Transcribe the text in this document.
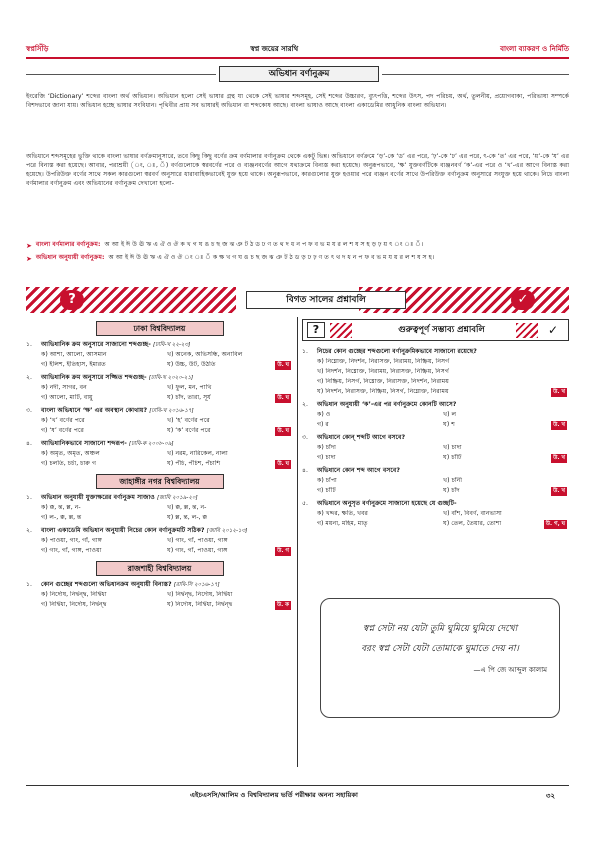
স্বপ্নসিঁড়ি	স্বপ্ন জয়ের সারথি	বাংলা ব্যাকরণ ও নির্মিতি
অভিধান বর্ণানুক্রম

ইংরেজি ‘Dictionary’ শব্দের বাংলা অর্থ অভিধান। অভিধান হলো সেই ভাষার গ্রন্থ যা থেকে সেই ভাষার শব্দসমূহ, সেই শব্দের উচ্চারণ, ব্যুৎপত্তি, শব্দের উৎস, পদ পরিচয়, অর্থ, তুলনীয়, প্রয়োগবাক্য, পরিভাষা সম্পর্কে বিশদভাবে জানা যায়। অভিধান হচ্ছে ভাষার সংবিধান। পৃথিবীর প্রায় সব ভাষারই অভিধান বা শব্দকোষ আছে। বাংলা ভাষাও আছে বাংলা একাডেমির আধুনিক বাংলা অভিধান।

অভিধানে শব্দসমূহের ভুক্তি থাকে বাংলা ভাষার বর্ণক্রমানুসারে, তবে কিছু কিছু বর্ণের ক্রম বর্ণমালার বর্ণানুক্রম থেকে একটু ভিন্ন। অভিধানে বর্ণক্রমে ‘ড়’-কে ‘ড’ এর পরে, ‘ঢ়’-কে ‘ঢ’ এর পরে, ৎ-কে ‘ত’ এর পরে, ‘য়’-কে ‘য’ এর পরে বিন্যস্ত করা হয়েছে। আবার, পরাশ্রয়ী (ং, ঃ, ঁ) বর্ণগুলোকে স্বরবর্ণের পরে ও ব্যঞ্জনবর্ণের আগে যথাক্রমে বিন্যস্ত করা হয়েছে। অনুরূপভাবে, ‘ক্ষ’ যুক্তবর্ণটিকে ব্যঞ্জনবর্ণ ‘ক’-এর পরে ও ‘খ’-এর আগে বিন্যস্ত করা হয়েছে। উপরিউক্ত বর্ণের সাথে সকল কারগুলো স্বরবর্ণ অনুসারে ধারাবাহিকভাবেই যুক্ত হয়ে থাকে। অনুরূপভাবে, কারগুলোর যুক্ত হওয়ার পরে ব্যঞ্জন বর্ণের সাথে উপরিউক্ত বর্ণানুক্রম অনুসারে সংযুক্ত হয়ে থাকে। নিচে বাংলা বর্ণমালার বর্ণানুক্রম এবং অভিধানের বর্ণানুক্রম দেখানো হলো-

➤ বাংলা বর্ণমালার বর্ণানুক্রম: অ আ ই ঈ উ ঊ ঋ এ ঐ ও ঔ ক খ গ ঘ ঙ চ ছ জ ঝ ঞ ট ঠ ড ঢ ণ ত থ দ ধ ন প ফ ব ভ ম য র ল শ ষ স হ ড় ঢ় য় ৎ ং ঃ ঁ।
➤ অভিধান অনুযায়ী বর্ণানুক্রম: অ আ ই ঈ উ ঊ ঋ এ ঐ ও ঔ ং ঃ ঁ ক ক্ষ খ গ ঘ ঙ চ ছ জ ঝ ঞ ট ঠ ড ড় ঢ ঢ় ণ ত ৎ থ দ ধ ন প ফ ব ভ ম য য় র ল শ ষ স হ।
?	✓
বিগত সালের প্রশ্নাবলি
ঢাকা বিশ্ববিদ্যালয়
১.	আভিধানিক ক্রম অনুসারে সাজানো শব্দগুচ্ছ- [ঢাবি-খ ২২-২৩]
ক) আশা, আলো, আসমান	খ) অনেক, অভিসন্ধি, অনাবিল
গ) ইলিশ, ইতিহাস, ইমারত	ঘ) উচ্চ, উট, উঠতি	উ. ঘ
২.	আভিধানিক ক্রম অনুসারে সজ্জিত শব্দগুচ্ছ- [ঢাবি-খ ২০২০-২১]
ক) নদী, সাগর, বন	খ) ফুল, মন, পাখি
গ) আলো, মাটি, বায়ু	ঘ) চাঁদ, তারা, সূর্য	উ. ঘ
৩.	বাংলা অভিধানে ‘ক্ষ’ এর অবস্থান কোথায়? [ঢাবি-খ ২০১৬-১৭]
ক) ‘খ’ বর্ণের পরে	খ) ‘হ’ বর্ণের পরে
গ) ‘ষ’ বর্ণের পরে	ঘ) ‘ক’ বর্ণের পরে	উ. ঘ
৪.	আভিধানিকভাবে সাজানো শব্দরূপ- [ঢাবি-ক ২০০৮-০৯]
ক) অমৃত, অমৃত, অঞ্চল	খ) নরম, নারিকেল, নালা
গ) চলতি, চর্চা, চারু গ	ঘ) পঁচি, পঁচিশ, পঁচাশি	উ. ঘ
জাহাঙ্গীর নগর বিশ্ববিদ্যালয়
১.	অভিধান অনুযায়ী যুক্তাক্ষরের বর্ণানুক্রম সাজাও [জাবি ২০১৯-২০]
ক) ক্ক, ন্ত, ল্ল, ন-	খ) ক্ক, ল্ল, ন্ত, ন-
গ) ল-, ক্ক, ল্ল, ন্ত	ঘ) ল্ল, ন্ত, ল-, ক্ক
২.	বাংলা একাডেমি অভিধান অনুযায়ী নিচের কোন বর্ণানুক্রমটি সঠিক? [জাবি ২০১২-১৩]
ক) পাওয়া, গাং, গাঁ, গাঙ্গ	খ) গাং, গাঁ, পাওয়া, গাঙ্গ
গ) গাং, গাঁ, গাঙ্গ, পাওয়া	ঘ) গাং, গাঁ, পাওয়া, গাঙ্গ	উ. গ
রাজশাহী বিশ্ববিদ্যালয়
১.	কোন গুচ্ছের শব্দগুলো অভিধানক্রম অনুযায়ী বিন্যস্ত? [রাবি-সি ২০১৬-১৭]
ক) নির্দোষ, নির্দ্বন্দ্ব, নির্দ্বিধা	খ) নির্দ্বন্দ্ব, নির্দোষ, নির্দ্বিধা
গ) নির্দ্বিধা, নির্দোষ, নির্দ্বন্দ্ব	ঘ) নির্দোষ, নির্দ্বিধা, নির্দ্বন্দ্ব	উ. ক
?	গুরুত্বপূর্ণ সম্ভাব্য প্রশ্নাবলি	✓
১.	নিচের কোন গুচ্ছের শব্দগুলো বর্ণানুক্রমিকভাবে সাজানো রয়েছে?
ক) নিম্নোক্ত, নিদর্শন, নিরাসক্ত, নিরাময়, নিষ্ক্রিয়, নিসর্গ
খ) নিদর্শন, নিম্নোক্ত, নিরাময়, নিরাসক্ত, নিষ্ক্রিয়, নিসর্গ
গ) নিষ্ক্রিয়, নিসর্গ, নিম্নোক্ত, নিরাসক্ত, নিদর্শন, নিরাময়
ঘ) নিদর্শন, নিরাসক্ত, নিষ্ক্রিয়, নিসর্গ, নিম্নোক্ত, নিরাময়	উ. খ
২.	অভিধান অনুযায়ী ‘ক’-এর পর বর্ণানুক্রমে কোনটি আসে?
ক) ও	খ) ল
গ) র	ঘ) শ	উ. খ
৩.	অভিধানে কোন্‌ শব্দটি আগে বসবে?
ক) চাঁদা	খ) চাদা
গ) চাদা	ঘ) চাঁটি	উ. খ
৪.	অভিধানে কোন শব্দ আগে বসবে?
ক) চাঁপা	খ) চাঁনী
গ) চাঁটি	ঘ) চাঁদ	উ. খ
৫.	অভিধানে অনুসৃত বর্ণানুক্রমে সাজানো হয়েছে যে গুচ্ছটি-
ক) খদ্দর, ক্ষতি, খবর	খ) বাঁশ, বিবর্ণ, বানভাসা
গ) ময়না, মহিম, মাতৃ	ঘ) তেল, তৈয়ার, তোশা	উ. গ, ঘ
স্বপ্ন সেটা নয় যেটা তুমি ঘুমিয়ে ঘুমিয়ে দেখো
বরং স্বপ্ন সেটা যেটা তোমাকে ঘুমাতে দেয় না।
—এ পি জে আব্দুল কালাম
এইচএসসি/আলিম ও বিশ্ববিদ্যালয় ভর্তি পরীক্ষার অনন্য সহায়িকা	৩২
